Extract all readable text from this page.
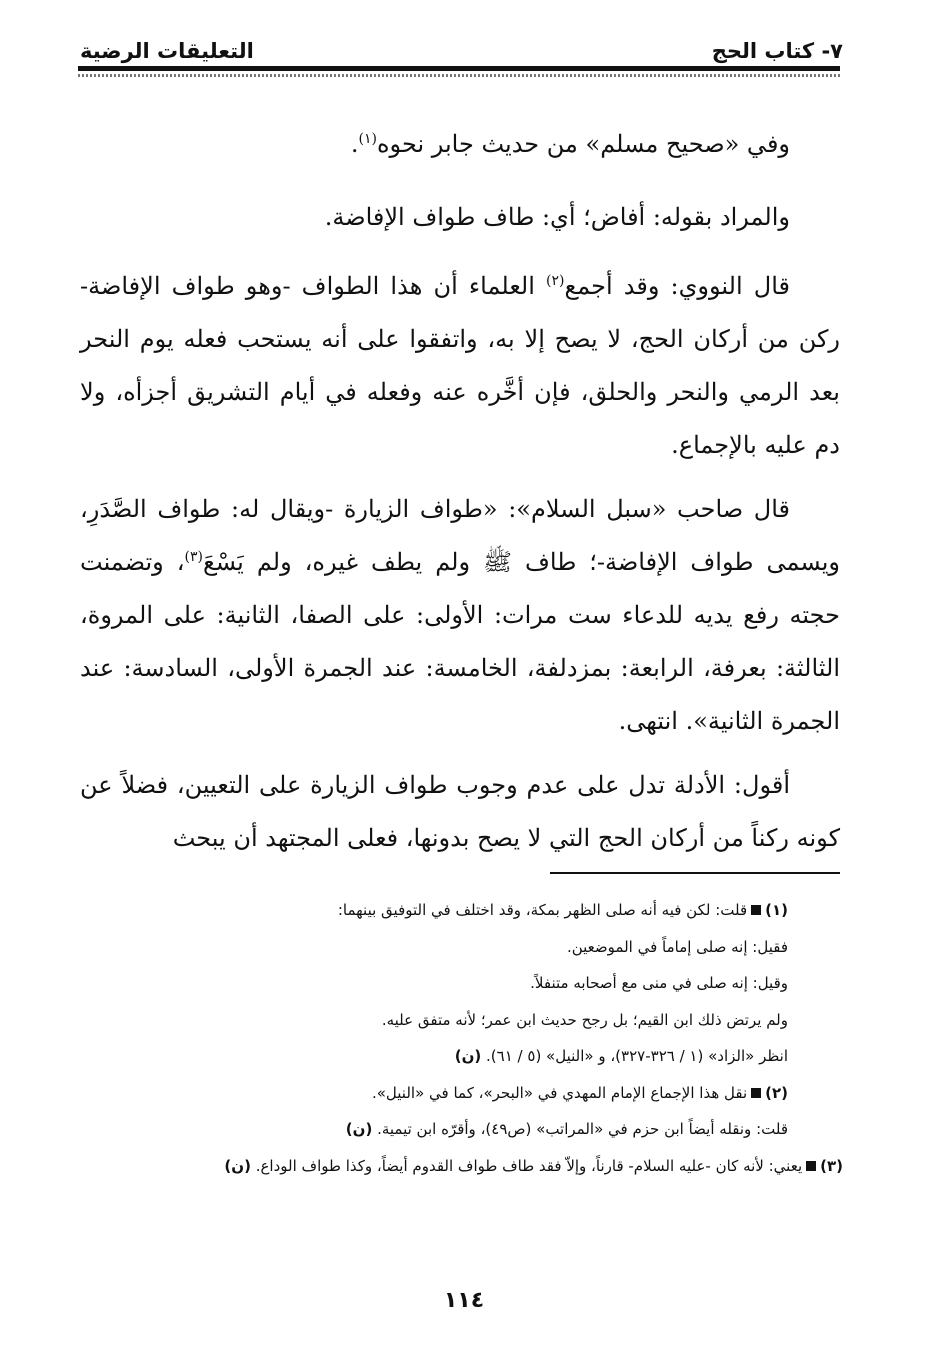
٧- كتاب الحج
التعليقات الرضية

وفي «صحيح مسلم» من حديث جابر نحوه$^{(١)}$.

والمراد بقوله: أفاض؛ أي: طاف طواف الإفاضة.

قال النووي: وقد أجمع$^{(٢)}$ العلماء أن هذا الطواف -وهو طواف الإفاضة- ركن من أركان الحج، لا يصح إلا به، واتفقوا على أنه يستحب فعله يوم النحر بعد الرمي والنحر والحلق، فإن أخَّره عنه وفعله في أيام التشريق أجزأه، ولا دم عليه بالإجماع.

قال صاحب «سبل السلام»: «طواف الزيارة -ويقال له: طواف الصَّدَرِ، ويسمى طواف الإفاضة-؛ طاف ﷺ ولم يطف غيره، ولم يَسْعَ$^{(٣)}$، وتضمنت حجته رفع يديه للدعاء ست مرات: الأولى: على الصفا، الثانية: على المروة، الثالثة: بعرفة، الرابعة: بمزدلفة، الخامسة: عند الجمرة الأولى، السادسة: عند الجمرة الثانية». انتهى.

أقول: الأدلة تدل على عدم وجوب طواف الزيارة على التعيين، فضلاً عن كونه ركناً من أركان الحج التي لا يصح بدونها، فعلى المجتهد أن يبحث

(١)قلت: لكن فيه أنه صلى الظهر بمكة، وقد اختلف في التوفيق بينهما:
فقيل: إنه صلى إماماً في الموضعين.
وقيل: إنه صلى في منى مع أصحابه متنفلاً.
ولم يرتض ذلك ابن القيم؛ بل رجح حديث ابن عمر؛ لأنه متفق عليه.
انظر «الزاد» (١ / ٣٢٦-٣٢٧)، و «النيل» (٥ / ٦١). (ن)
(٢)نقل هذا الإجماع الإمام المهدي في «البحر»، كما في «النيل».
قلت: ونقله أيضاً ابن حزم في «المراتب» (ص٤٩)، وأقرّه ابن تيمية. (ن)
(٣)يعني: لأنه كان -عليه السلام- قارناً، وإلاّ فقد طاف طواف القدوم أيضاً، وكذا طواف الوداع. (ن)
١١٤
